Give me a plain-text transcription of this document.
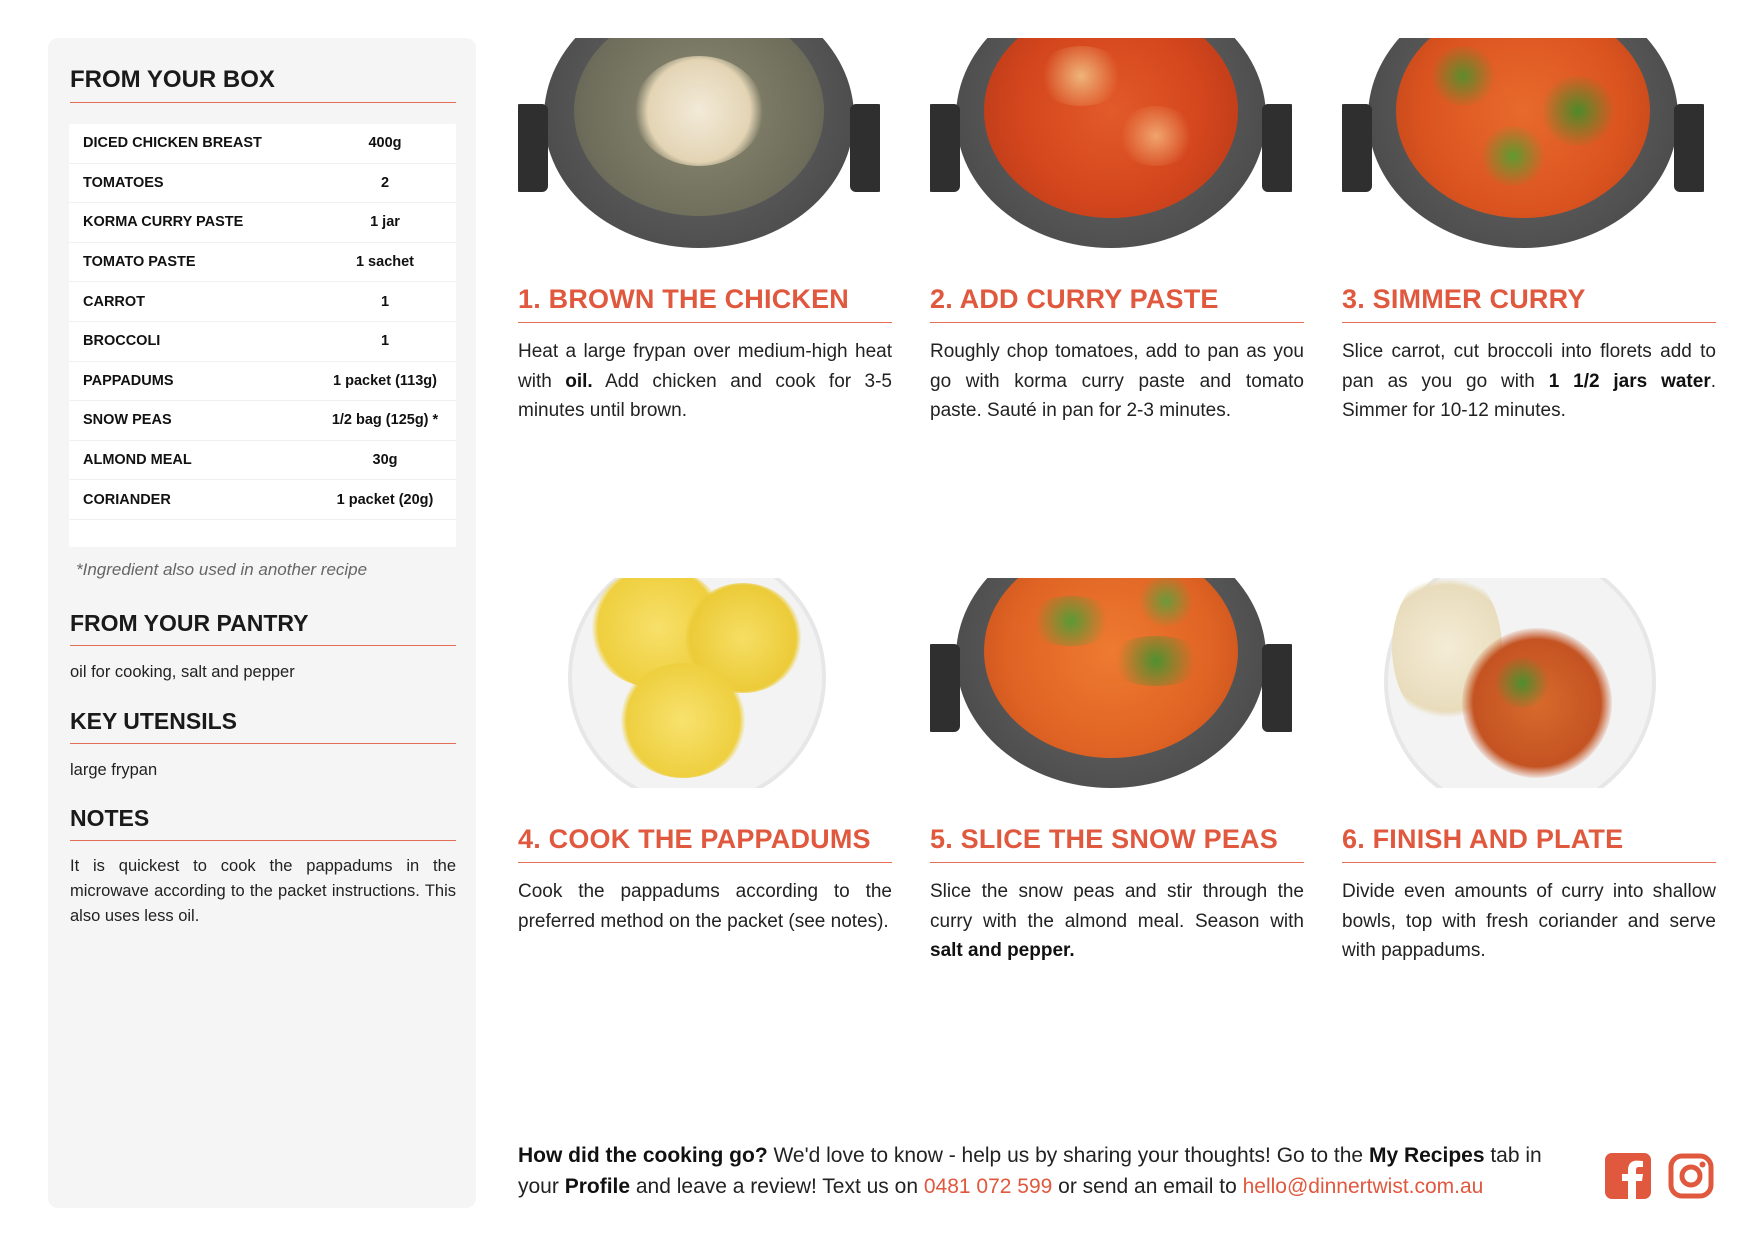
FROM YOUR BOX
DICED CHICKEN BREAST	400g
TOMATOES	2
KORMA CURRY PASTE	1 jar
TOMATO PASTE	1 sachet
CARROT	1
BROCCOLI	1
PAPPADUMS	1 packet (113g)
SNOW PEAS	1/2 bag (125g) *
ALMOND MEAL	30g
CORIANDER	1 packet (20g)
*Ingredient also used in another recipe
FROM YOUR PANTRY
oil for cooking, salt and pepper
KEY UTENSILS
large frypan
NOTES
It is quickest to cook the pappadums in the microwave according to the packet instructions. This also uses less oil.
1. BROWN THE CHICKEN
Heat a large frypan over medium-high heat with oil. Add chicken and cook for 3-5 minutes until brown.
2. ADD CURRY PASTE
Roughly chop tomatoes, add to pan as you go with korma curry paste and tomato paste. Sauté in pan for 2-3 minutes.
3. SIMMER CURRY
Slice carrot, cut broccoli into florets add to pan as you go with 1 1/2 jars water. Simmer for 10-12 minutes.
4. COOK THE PAPPADUMS
Cook the pappadums according to the preferred method on the packet (see notes).
5. SLICE THE SNOW PEAS
Slice the snow peas and stir through the curry with the almond meal. Season with salt and pepper.
6. FINISH AND PLATE
Divide even amounts of curry into shallow bowls, top with fresh coriander and serve with pappadums.
How did the cooking go? We'd love to know - help us by sharing your thoughts! Go to the My Recipes tab in your Profile and leave a review! Text us on 0481 072 599 or send an email to hello@dinnertwist.com.au
